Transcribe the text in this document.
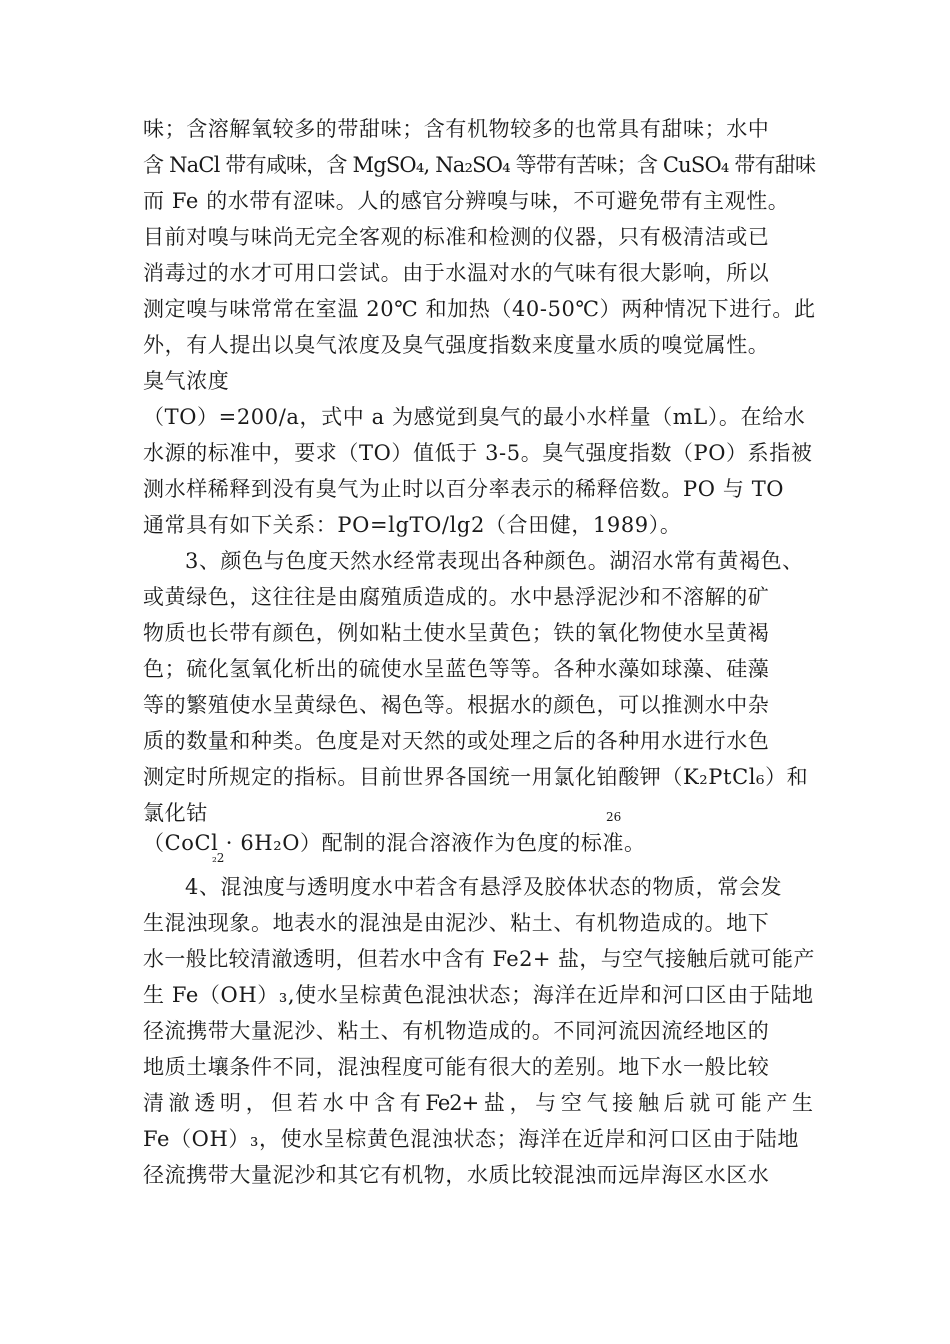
味；含溶解氧较多的带甜味；含有机物较多的也常具有甜味；水中
含 NaCl 带有咸味，含 MgSO₄, Na₂SO₄ 等带有苦味；含 CuSO₄ 带有甜味
而 Fe 的水带有涩味。人的感官分辨嗅与味，不可避免带有主观性。
目前对嗅与味尚无完全客观的标准和检测的仪器，只有极清洁或已
消毒过的水才可用口尝试。由于水温对水的气味有很大影响，所以
测定嗅与味常常在室温 20℃ 和加热（40-50℃）两种情况下进行。此
外，有人提出以臭气浓度及臭气强度指数来度量水质的嗅觉属性。
臭气浓度
（TO）=200/a，式中 a 为感觉到臭气的最小水样量（mL）。在给水
水源的标准中，要求（TO）值低于 3-5。臭气强度指数（PO）系指被
测水样稀释到没有臭气为止时以百分率表示的稀释倍数。PO 与 TO
通常具有如下关系：PO=lgTO/lg2（合田健，1989）。
3、颜色与色度天然水经常表现出各种颜色。湖沼水常有黄褐色、
或黄绿色，这往往是由腐殖质造成的。水中悬浮泥沙和不溶解的矿
物质也长带有颜色，例如粘土使水呈黄色；铁的氧化物使水呈黄褐
色；硫化氢氧化析出的硫使水呈蓝色等等。各种水藻如球藻、硅藻
等的繁殖使水呈黄绿色、褐色等。根据水的颜色，可以推测水中杂
质的数量和种类。色度是对天然的或处理之后的各种用水进行水色
测定时所规定的指标。目前世界各国统一用氯化铂酸钾（K₂PtCl₆）和
氯化钴	26
（CoCl · 6H₂O）配制的混合溶液作为色度的标准。
₂2
4、混浊度与透明度水中若含有悬浮及胶体状态的物质，常会发
生混浊现象。地表水的混浊是由泥沙、粘土、有机物造成的。地下
水一般比较清澈透明，但若水中含有 Fe2+ 盐，与空气接触后就可能产
生 Fe（OH）₃,使水呈棕黄色混浊状态；海洋在近岸和河口区由于陆地
径流携带大量泥沙、粘土、有机物造成的。不同河流因流经地区的
地质土壤条件不同，混浊程度可能有很大的差别。地下水一般比较
清 澈 透 明 ， 但 若 水 中 含 有 Fe2+ 盐 ， 与 空 气 接 触 后 就 可 能 产 生
Fe（OH）₃，使水呈棕黄色混浊状态；海洋在近岸和河口区由于陆地
径流携带大量泥沙和其它有机物，水质比较混浊而远岸海区水区水
